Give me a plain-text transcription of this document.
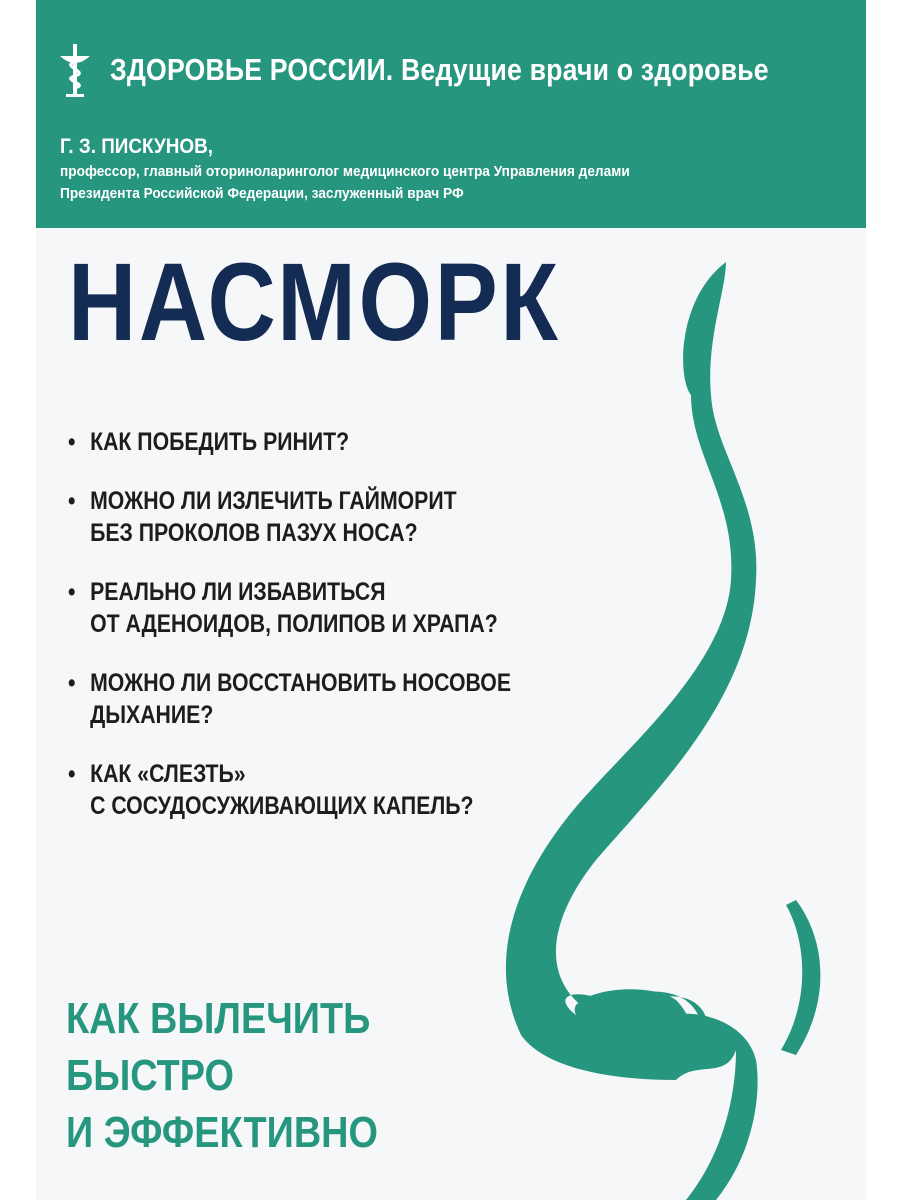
ЗДОРОВЬЕ РОССИИ. Ведущие врачи о здоровье
Г. З. ПИСКУНОВ,
профессор, главный оториноларинголог медицинского центра Управления делами
Президента Российской Федерации, заслуженный врач РФ
НАСМОРК
• КАК ПОБЕДИТЬ РИНИТ?
• МОЖНО ЛИ ИЗЛЕЧИТЬ ГАЙМОРИТ
БЕЗ ПРОКОЛОВ ПАЗУХ НОСА?
• РЕАЛЬНО ЛИ ИЗБАВИТЬСЯ
ОТ АДЕНОИДОВ, ПОЛИПОВ И ХРАПА?
• МОЖНО ЛИ ВОССТАНОВИТЬ НОСОВОЕ
ДЫХАНИЕ?
• КАК «СЛЕЗТЬ»
С СОСУДОСУЖИВАЮЩИХ КАПЕЛЬ?
КАК ВЫЛЕЧИТЬ
БЫСТРО
И ЭФФЕКТИВНО
